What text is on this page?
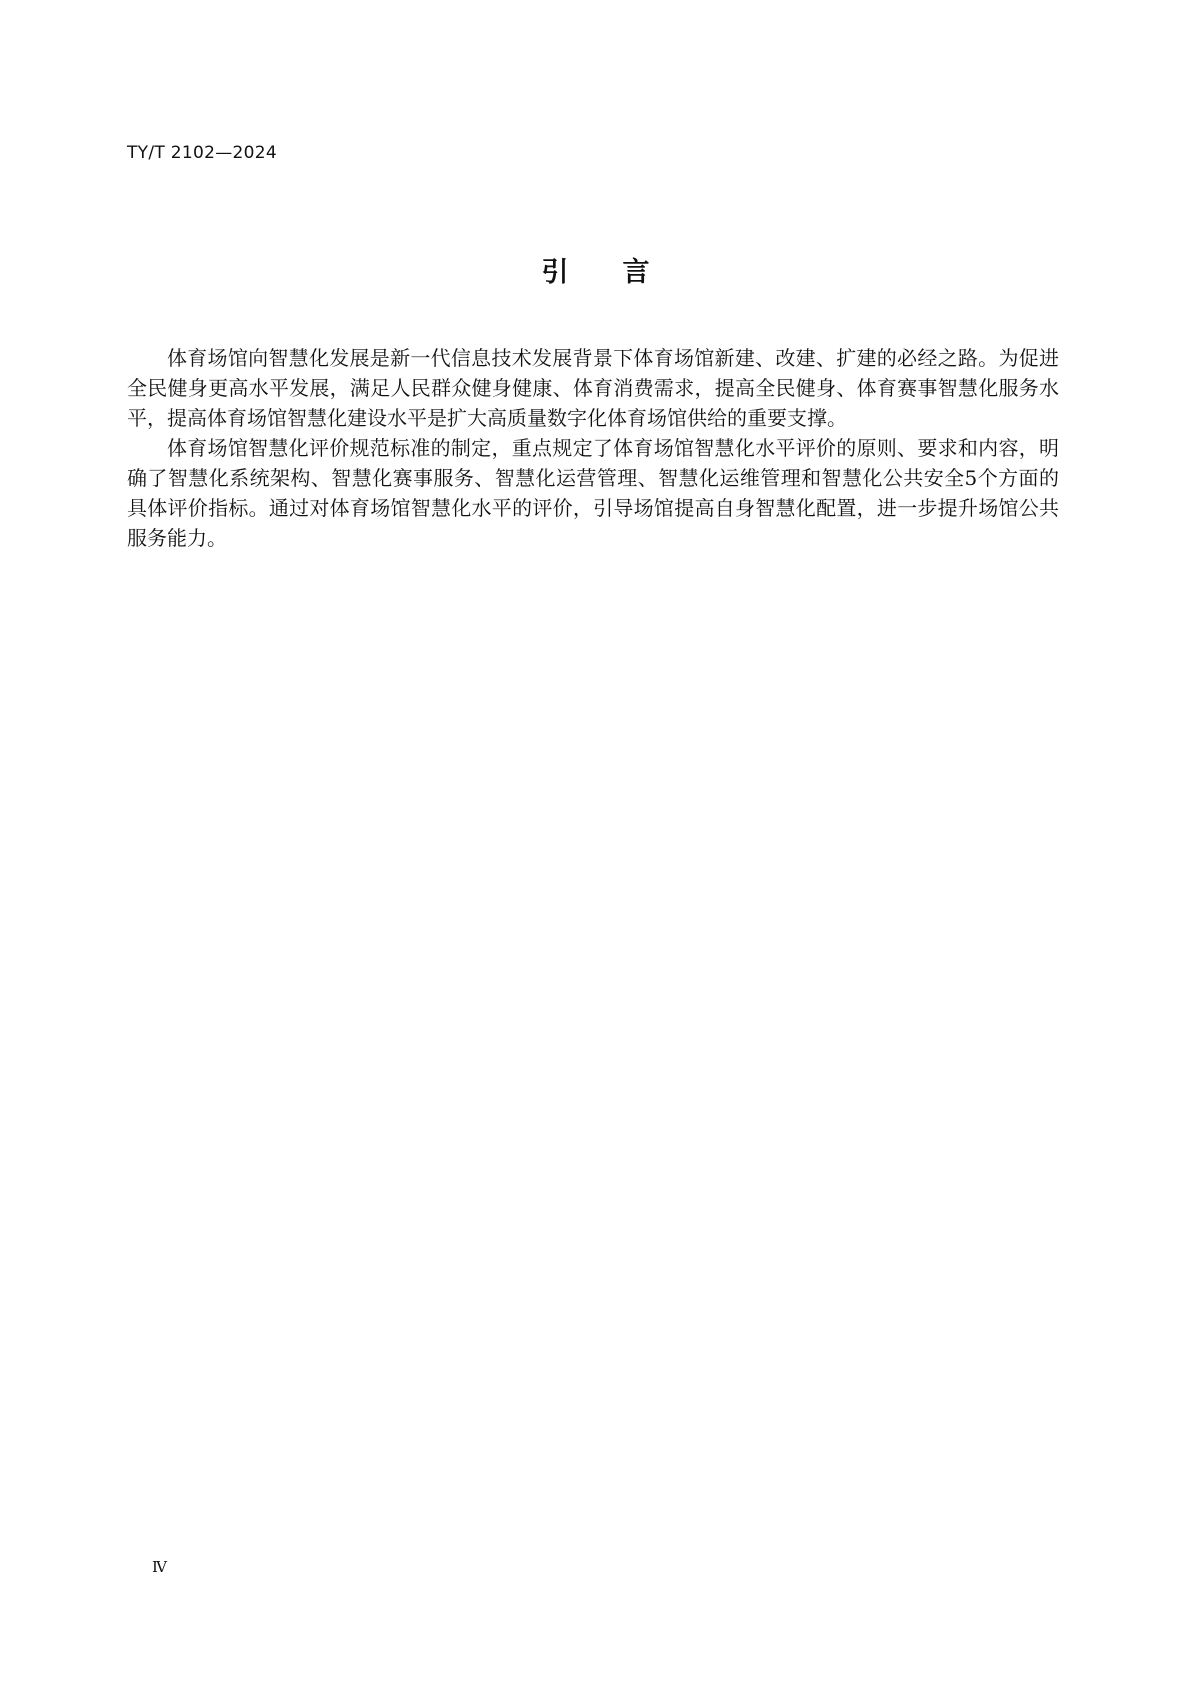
TY/T 2102—2024

引　　言

体育场馆向智慧化发展是新一代信息技术发展背景下体育场馆新建、改建、扩建的必经之路。为促进全民健身更高水平发展，满足人民群众健身健康、体育消费需求，提高全民健身、体育赛事智慧化服务水平，提高体育场馆智慧化建设水平是扩大高质量数字化体育场馆供给的重要支撑。

体育场馆智慧化评价规范标准的制定，重点规定了体育场馆智慧化水平评价的原则、要求和内容，明确了智慧化系统架构、智慧化赛事服务、智慧化运营管理、智慧化运维管理和智慧化公共安全5个方面的具体评价指标。通过对体育场馆智慧化水平的评价，引导场馆提高自身智慧化配置，进一步提升场馆公共服务能力。

Ⅳ
